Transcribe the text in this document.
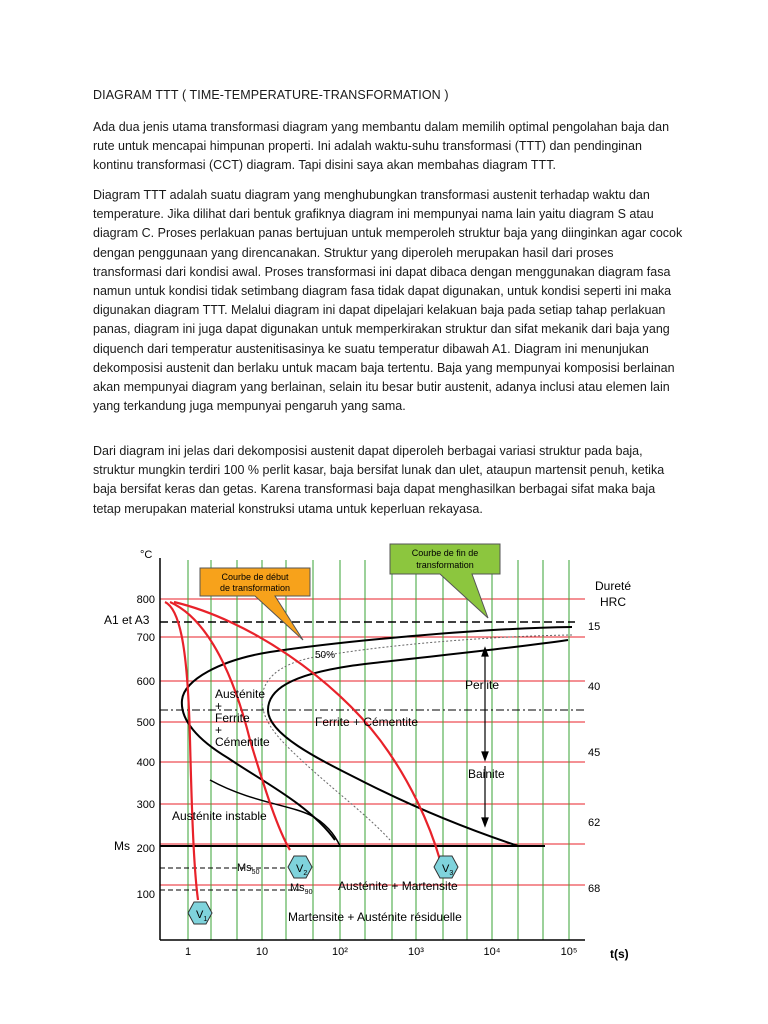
DIAGRAM TTT ( TIME-TEMPERATURE-TRANSFORMATION )
Ada dua jenis utama transformasi diagram yang membantu dalam memilih optimal pengolahan baja dan rute untuk mencapai himpunan properti. Ini adalah waktu-suhu transformasi (TTT) dan pendinginan kontinu transformasi (CCT) diagram. Tapi disini saya akan membahas diagram TTT.
Diagram TTT adalah suatu diagram yang menghubungkan transformasi austenit terhadap waktu dan temperature. Jika dilihat dari bentuk grafiknya diagram ini mempunyai nama lain yaitu diagram S atau diagram C. Proses perlakuan panas bertujuan untuk memperoleh struktur baja yang diinginkan agar cocok dengan penggunaan yang direncanakan. Struktur yang diperoleh merupakan hasil dari proses transformasi dari kondisi awal. Proses transformasi ini dapat dibaca dengan menggunakan diagram fasa namun untuk kondisi tidak setimbang diagram fasa tidak dapat digunakan, untuk kondisi seperti ini maka digunakan diagram TTT. Melalui diagram ini dapat dipelajari kelakuan baja pada setiap tahap perlakuan panas, diagram ini juga dapat digunakan untuk memperkirakan struktur dan sifat mekanik dari baja yang diquench dari temperatur austenitisasinya ke suatu temperatur dibawah A1. Diagram ini menunjukan dekomposisi austenit dan berlaku untuk macam baja tertentu. Baja yang mempunyai komposisi berlainan akan mempunyai diagram yang berlainan, selain itu besar butir austenit, adanya inclusi atau elemen lain yang terkandung juga mempunyai pengaruh yang sama.
Dari diagram ini jelas dari dekomposisi austenit dapat diperoleh berbagai variasi struktur pada baja, struktur mungkin terdiri 100 % perlit kasar, baja bersifat lunak dan ulet, ataupun martensit penuh, ketika baja bersifat keras dan getas. Karena transformasi baja dapat menghasilkan berbagai sifat maka baja tetap merupakan material konstruksi utama untuk keperluan rekayasa.
Courbe de début
de transformation
Courbe de fin de
transformation
°C
800
700
600
500
400
300
200
100
1	10	10²	10³	10⁴	10⁵	t(s)
Dureté
HRC
15
40
45
62
68
A1 et A3
Ms
$Ms_{50}$
$Ms_{90}$
50%
Austénite
+
Ferrite
+
Cémentite
Ferrite + Cémentite
Perlite
Bainite
Austénite instable
Austénite + Martensite
Martensite + Austénite résiduelle
$V_1$
$V_2$	$V_3$
